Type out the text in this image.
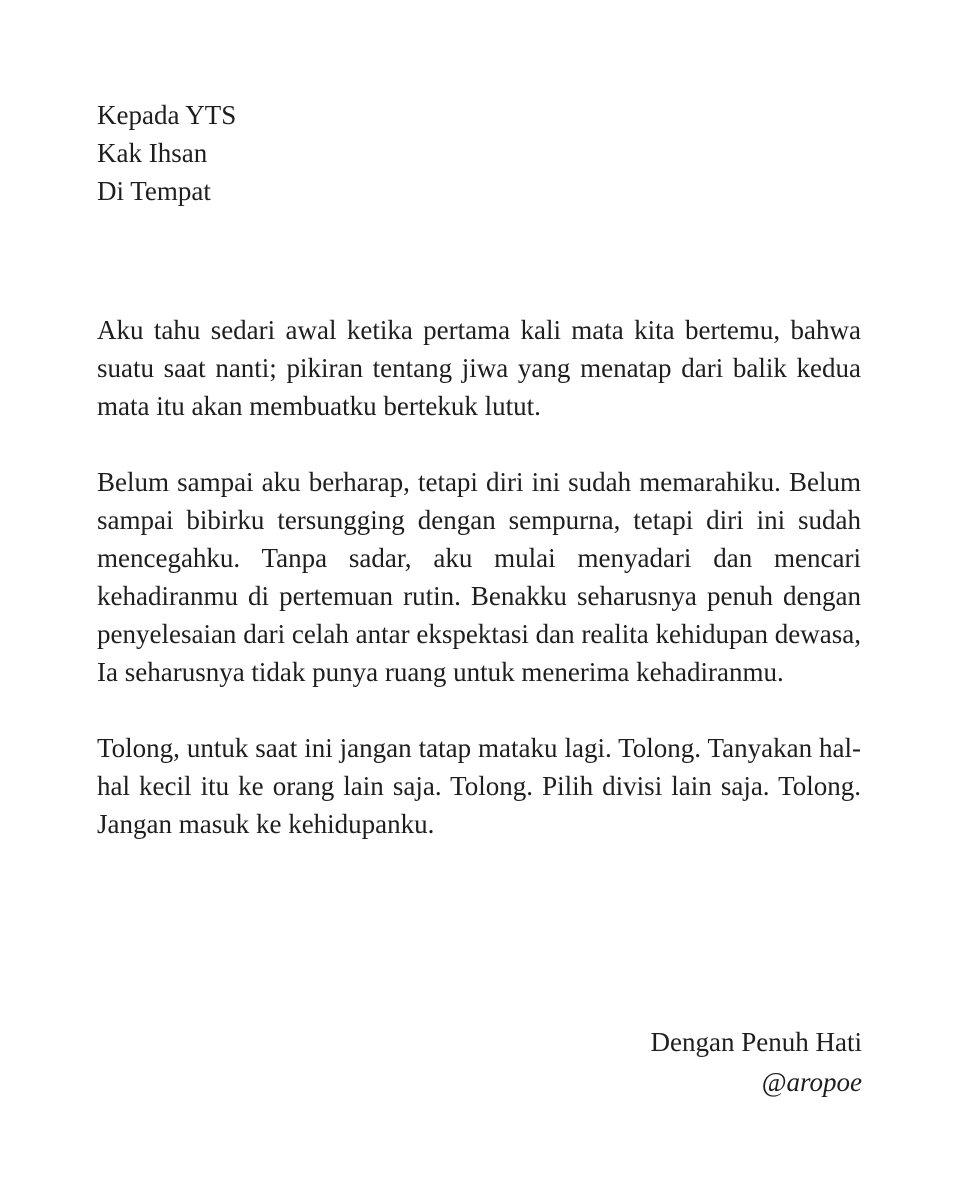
Kepada YTS
Kak Ihsan
Di Tempat

Aku tahu sedari awal ketika pertama kali mata kita bertemu, bahwa suatu saat nanti; pikiran tentang jiwa yang menatap dari balik kedua mata itu akan membuatku bertekuk lutut.

Belum sampai aku berharap, tetapi diri ini sudah memarahiku. Belum sampai bibirku tersungging dengan sempurna, tetapi diri ini sudah mencegahku. Tanpa sadar, aku mulai menyadari dan mencari kehadiranmu di pertemuan rutin. Benakku seharusnya penuh dengan penyelesaian dari celah antar ekspektasi dan realita kehidupan dewasa, Ia seharusnya tidak punya ruang untuk menerima kehadiranmu.

Tolong, untuk saat ini jangan tatap mataku lagi. Tolong. Tanyakan hal-hal kecil itu ke orang lain saja. Tolong. Pilih divisi lain saja. Tolong. Jangan masuk ke kehidupanku.

Dengan Penuh Hati
@aropoe
